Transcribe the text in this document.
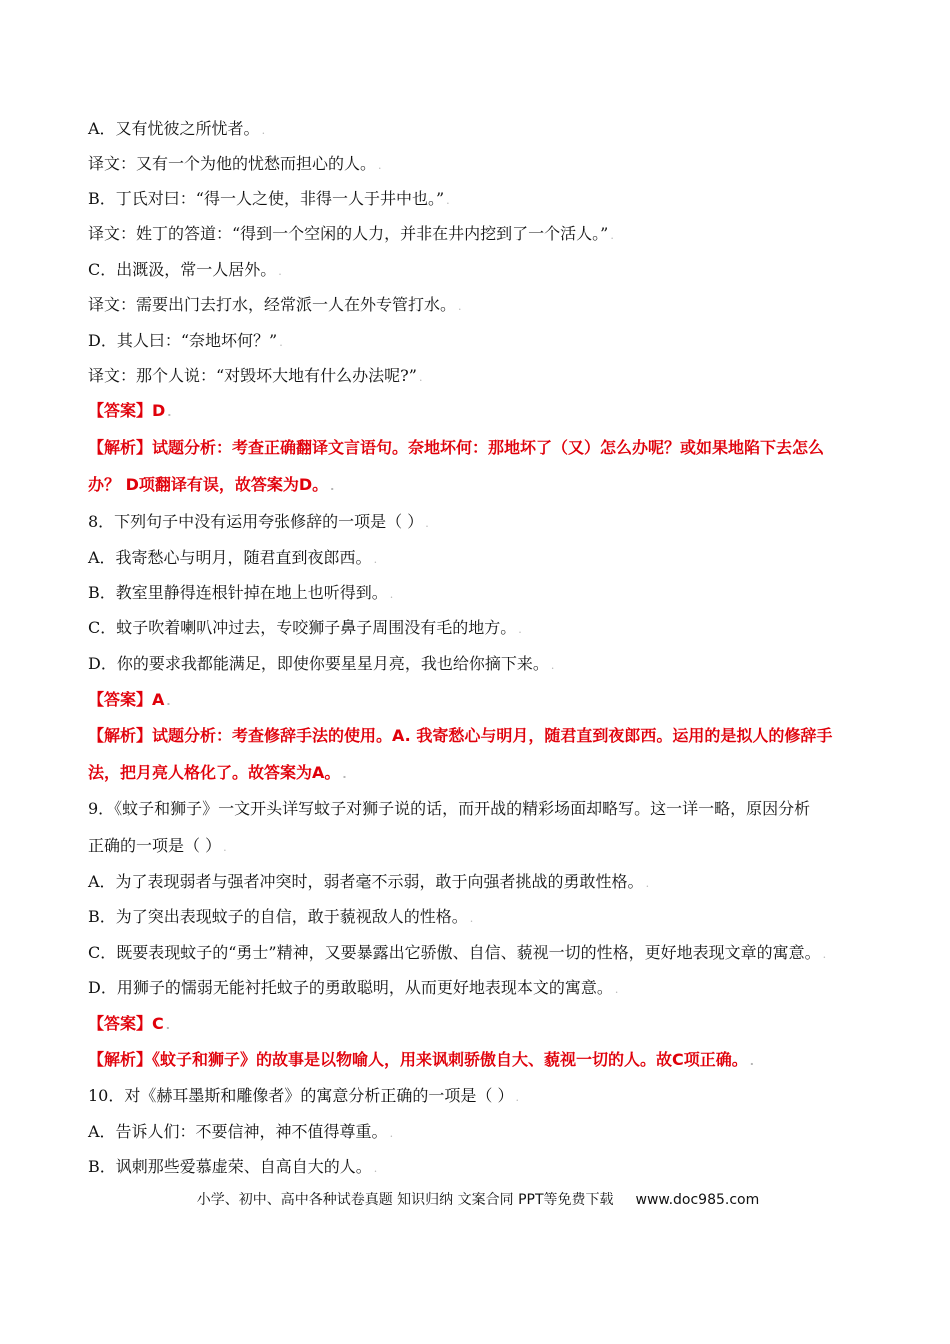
A．又有忧彼之所忧者。 .
译文：又有一个为他的忧愁而担心的人。 .
B．丁氏对曰：“得一人之使，非得一人于井中也。” .
译文：姓丁的答道：“得到一个空闲的人力，并非在井内挖到了一个活人。” .
C．出溉汲，常一人居外。 .
译文：需要出门去打水，经常派一人在外专管打水。 .
D．其人曰：“奈地坏何？” .
译文：那个人说：“对毁坏大地有什么办法呢?” .
【答案】D .
【解析】试题分析：考查正确翻译文言语句。奈地坏何：那地坏了（又）怎么办呢？或如果地陷下去怎么
办？ D项翻译有误，故答案为D。 .
8．下列句子中没有运用夸张修辞的一项是（ ） .
A．我寄愁心与明月，随君直到夜郎西。 .
B．教室里静得连根针掉在地上也听得到。 .
C．蚊子吹着喇叭冲过去，专咬狮子鼻子周围没有毛的地方。 .
D．你的要求我都能满足，即使你要星星月亮，我也给你摘下来。 .
【答案】A .
【解析】试题分析：考查修辞手法的使用。A. 我寄愁心与明月，随君直到夜郎西。运用的是拟人的修辞手
法，把月亮人格化了。故答案为A。 .
9．《蚊子和狮子》一文开头详写蚊子对狮子说的话，而开战的精彩场面却略写。这一详一略，原因分析
正确的一项是（ ） .
A．为了表现弱者与强者冲突时，弱者毫不示弱，敢于向强者挑战的勇敢性格。 .
B．为了突出表现蚊子的自信，敢于藐视敌人的性格。 .
C．既要表现蚊子的“勇士”精神，又要暴露出它骄傲、自信、藐视一切的性格，更好地表现文章的寓意。 .
D．用狮子的懦弱无能衬托蚊子的勇敢聪明，从而更好地表现本文的寓意。 .
【答案】C .
【解析】《蚊子和狮子》的故事是以物喻人，用来讽刺骄傲自大、藐视一切的人。故C项正确。 .
10．对《赫耳墨斯和雕像者》的寓意分析正确的一项是（ ） .
A．告诉人们：不要信神，神不值得尊重。 .
B．讽刺那些爱慕虚荣、自高自大的人。 .
小学、初中、高中各种试卷真题 知识归纳 文案合同 PPT等免费下载 www.doc985.com
